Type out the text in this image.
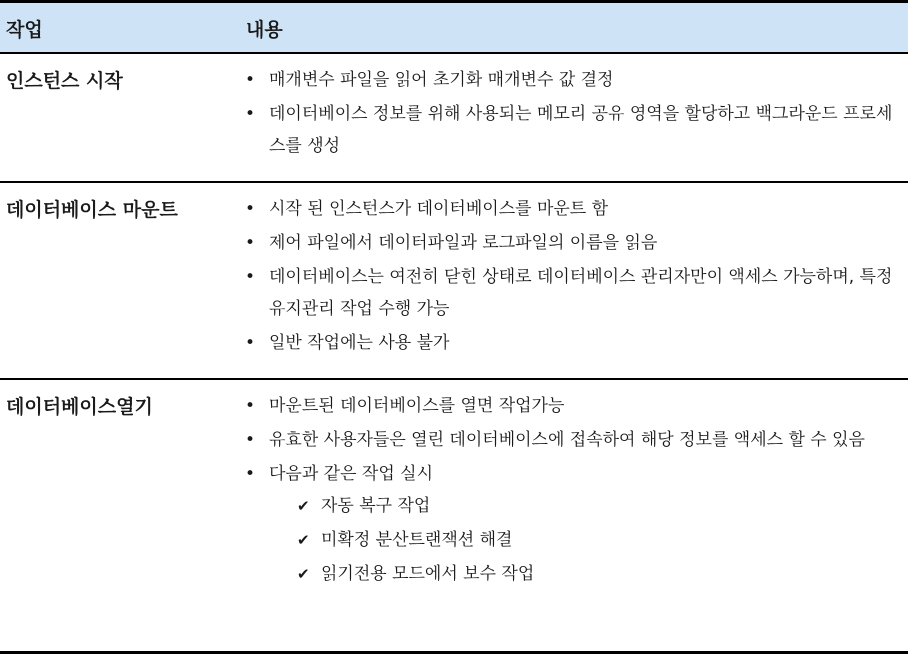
작업	내용
인스턴스 시작	• 매개변수 파일을 읽어 초기화 매개변수 값 결정
• 데이터베이스 정보를 위해 사용되는 메모리 공유 영역을 할당하고 백그라운드 프로세스를 생성
데이터베이스 마운트	• 시작 된 인스턴스가 데이터베이스를 마운트 함
• 제어 파일에서 데이터파일과 로그파일의 이름을 읽음
• 데이터베이스는 여전히 닫힌 상태로 데이터베이스 관리자만이 액세스 가능하며, 특정 유지관리 작업 수행 가능
• 일반 작업에는 사용 불가
데이터베이스열기	• 마운트된 데이터베이스를 열면 작업가능
• 유효한 사용자들은 열린 데이터베이스에 접속하여 해당 정보를 액세스 할 수 있음
• 다음과 같은 작업 실시
✔ 자동 복구 작업
✔ 미확정 분산트랜잭션 해결
✔ 읽기전용 모드에서 보수 작업
